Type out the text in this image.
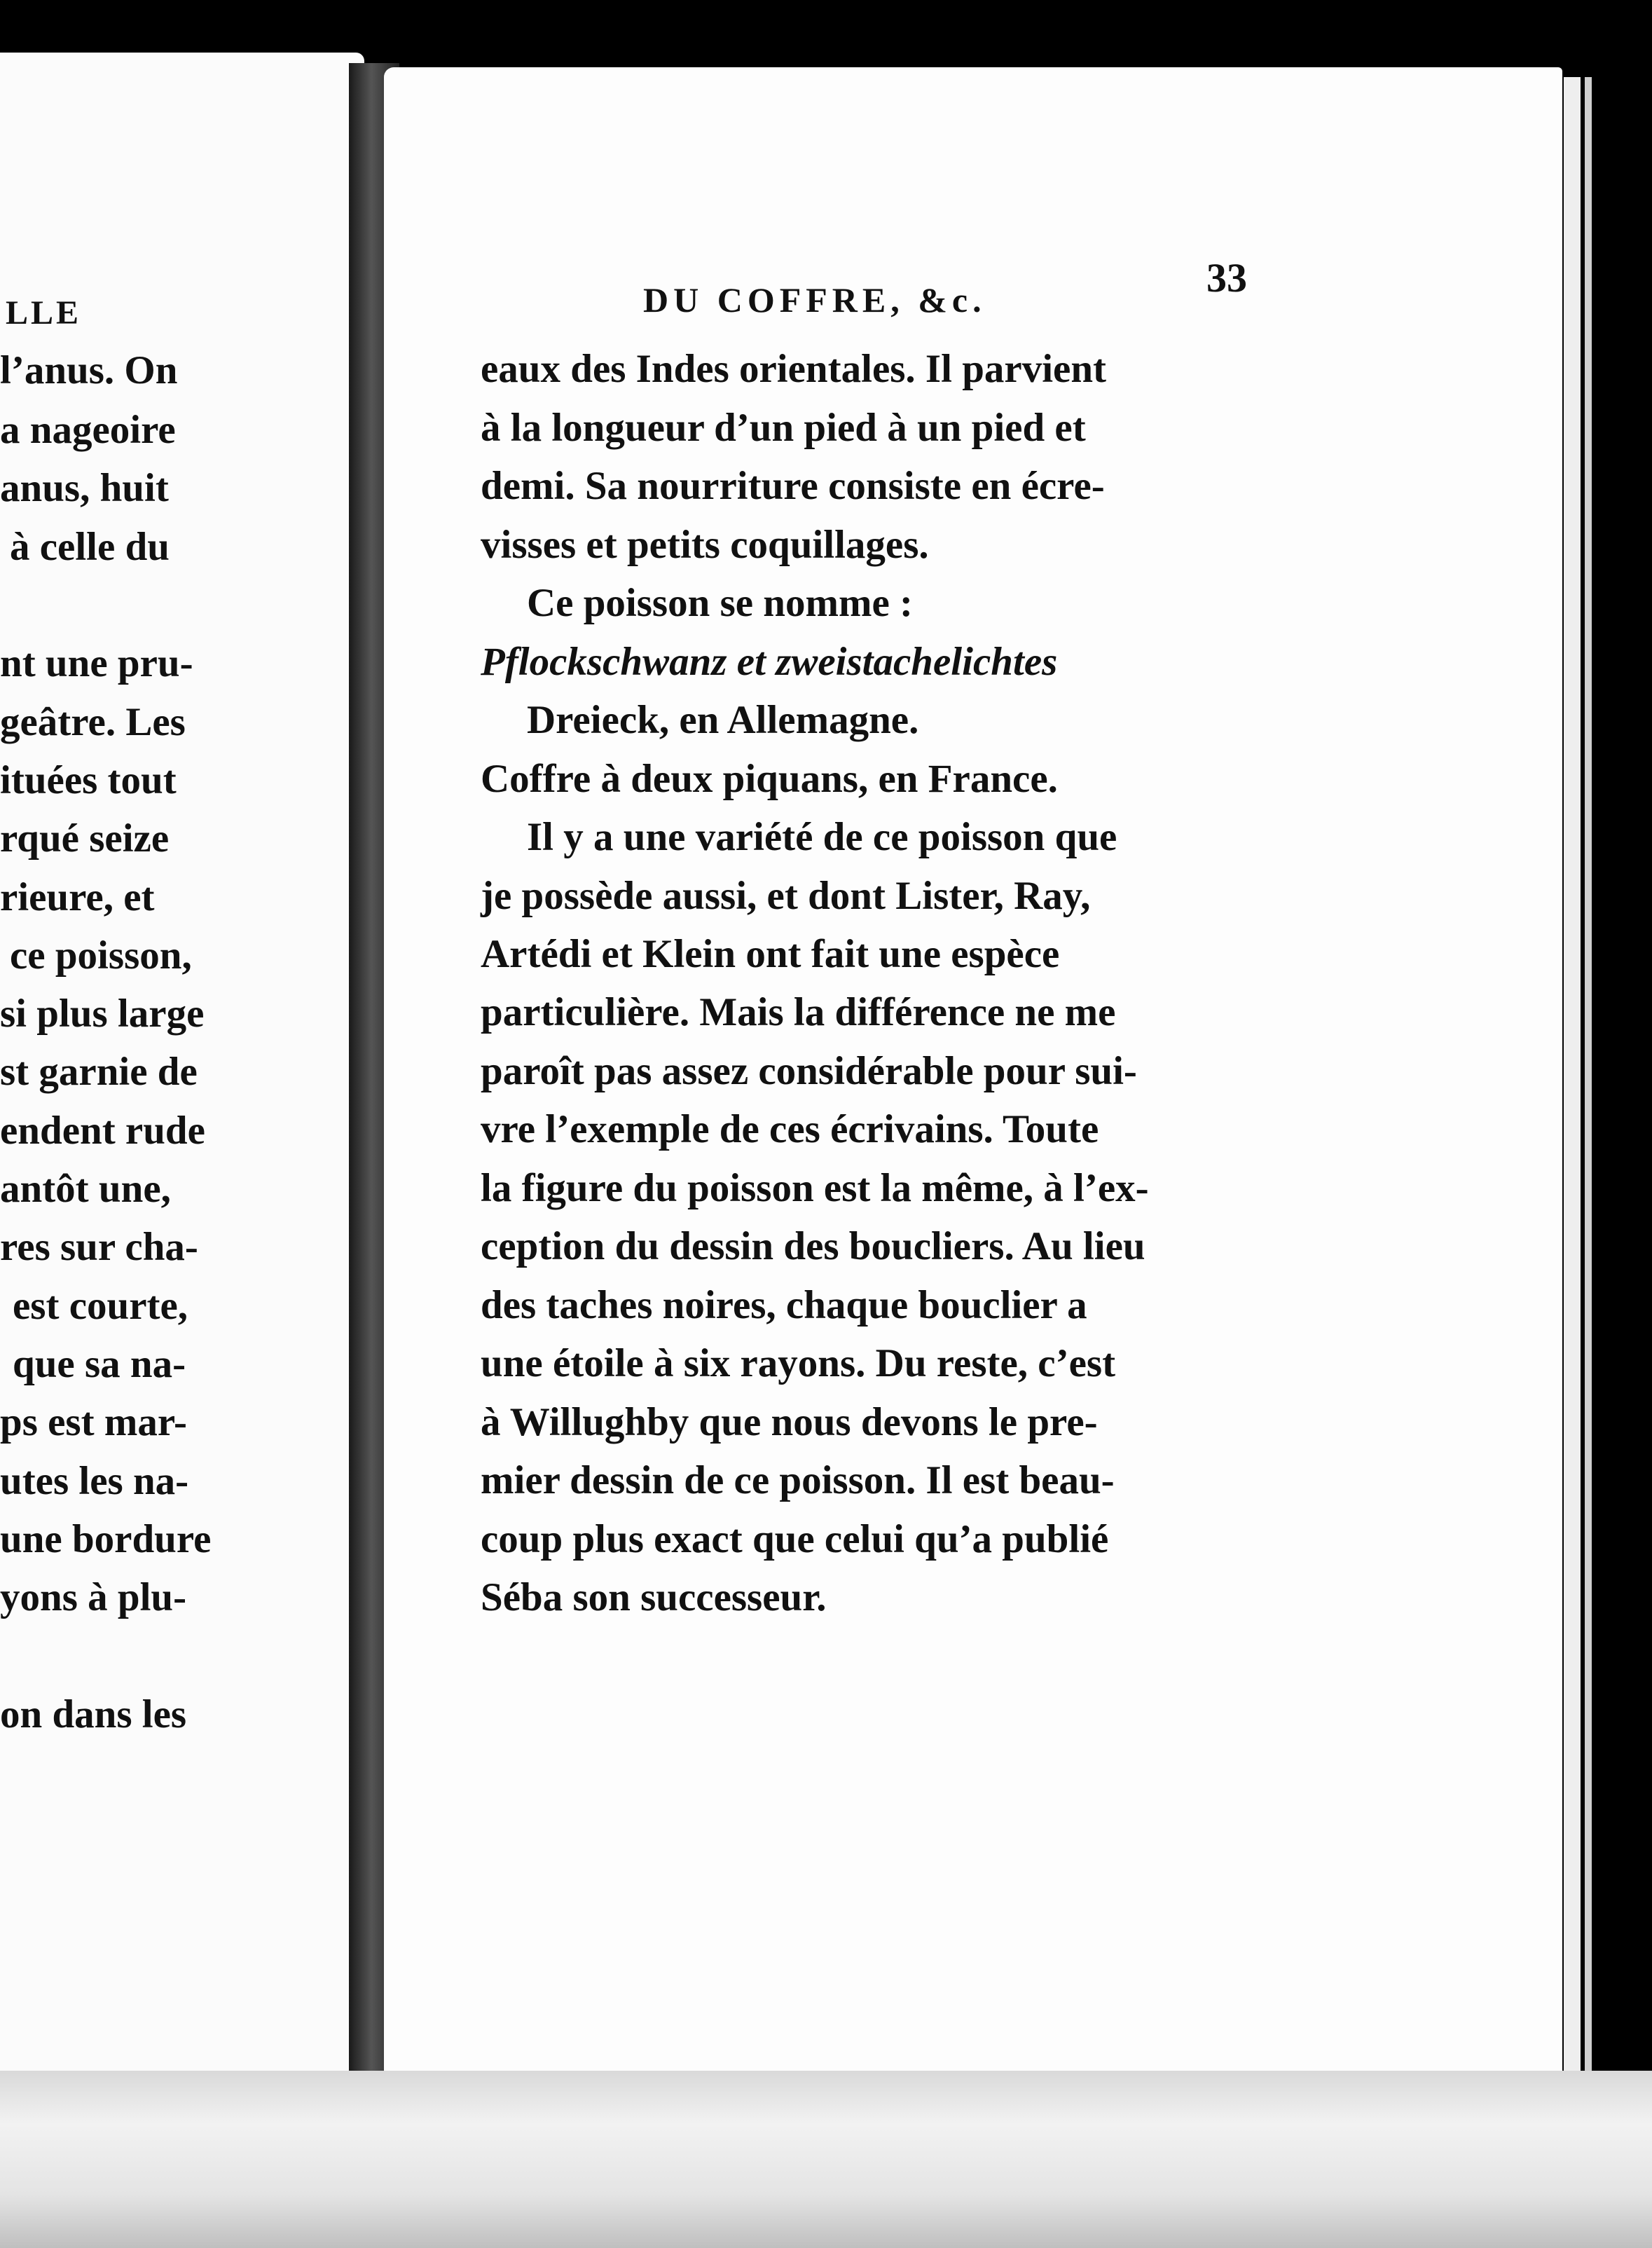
LLE
l’anus. On
a nageoire
anus, huit
à celle du
nt une pru-
geâtre. Les
ituées tout
rqué seize
rieure, et
ce poisson,
si plus large
st garnie de
endent rude
antôt une,
res sur cha-
est courte,
que sa na-
ps est mar-
utes les na-
une bordure
yons à plu-
on dans les
DU COFFRE, &c.	33
eaux des Indes orientales. Il parvient
à la longueur d’un pied à un pied et
demi. Sa nourriture consiste en écre-
visses et petits coquillages.
Ce poisson se nomme :
Pflockschwanz et zweistachelichtes
Dreieck, en Allemagne.
Coffre à deux piquans, en France.
Il y a une variété de ce poisson que
je possède aussi, et dont Lister, Ray,
Artédi et Klein ont fait une espèce
particulière. Mais la différence ne me
paroît pas assez considérable pour sui-
vre l’exemple de ces écrivains. Toute
la figure du poisson est la même, à l’ex-
ception du dessin des boucliers. Au lieu
des taches noires, chaque bouclier a
une étoile à six rayons. Du reste, c’est
à Willughby que nous devons le pre-
mier dessin de ce poisson. Il est beau-
coup plus exact que celui qu’a publié
Séba son successeur.
